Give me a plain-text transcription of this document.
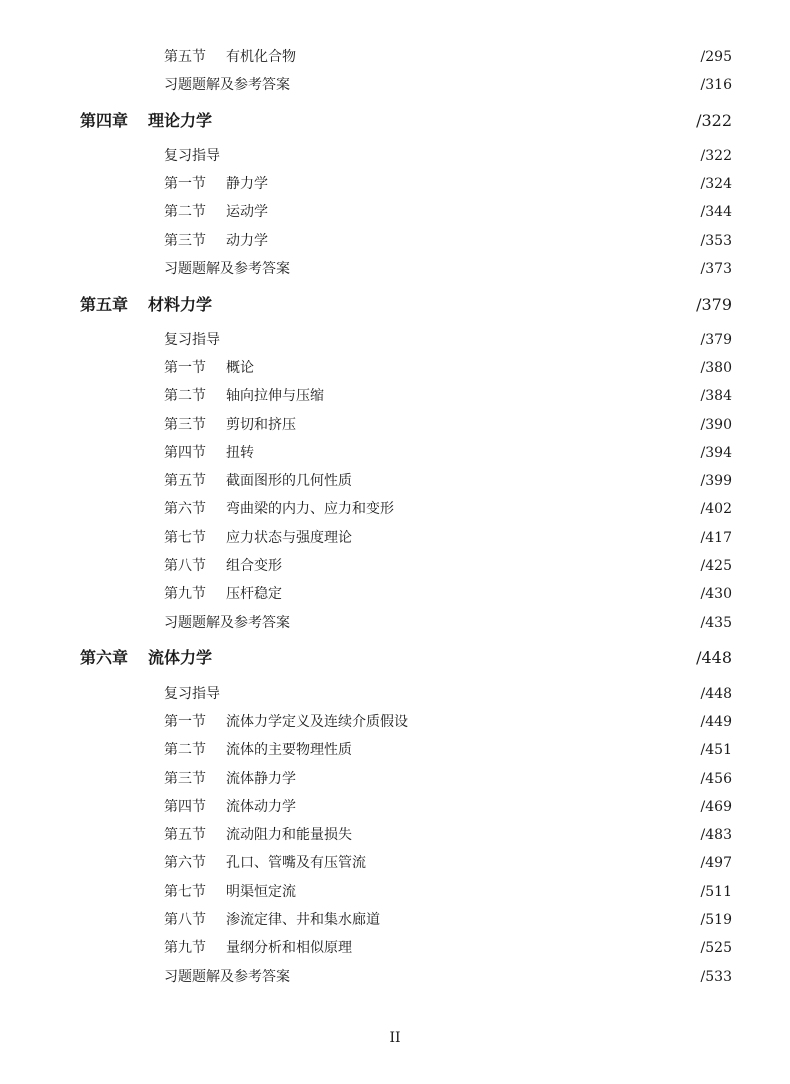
第五节 有机化合物	/295
习题题解及参考答案	/316
第四章 理论力学	/322
复习指导	/322
第一节 静力学	/324
第二节 运动学	/344
第三节 动力学	/353
习题题解及参考答案	/373
第五章 材料力学	/379
复习指导	/379
第一节 概论	/380
第二节 轴向拉伸与压缩	/384
第三节 剪切和挤压	/390
第四节 扭转	/394
第五节 截面图形的几何性质	/399
第六节 弯曲梁的内力、应力和变形	/402
第七节 应力状态与强度理论	/417
第八节 组合变形	/425
第九节 压杆稳定	/430
习题题解及参考答案	/435
第六章 流体力学	/448
复习指导	/448
第一节 流体力学定义及连续介质假设	/449
第二节 流体的主要物理性质	/451
第三节 流体静力学	/456
第四节 流体动力学	/469
第五节 流动阻力和能量损失	/483
第六节 孔口、管嘴及有压管流	/497
第七节 明渠恒定流	/511
第八节 渗流定律、井和集水廊道	/519
第九节 量纲分析和相似原理	/525
习题题解及参考答案	/533
II
